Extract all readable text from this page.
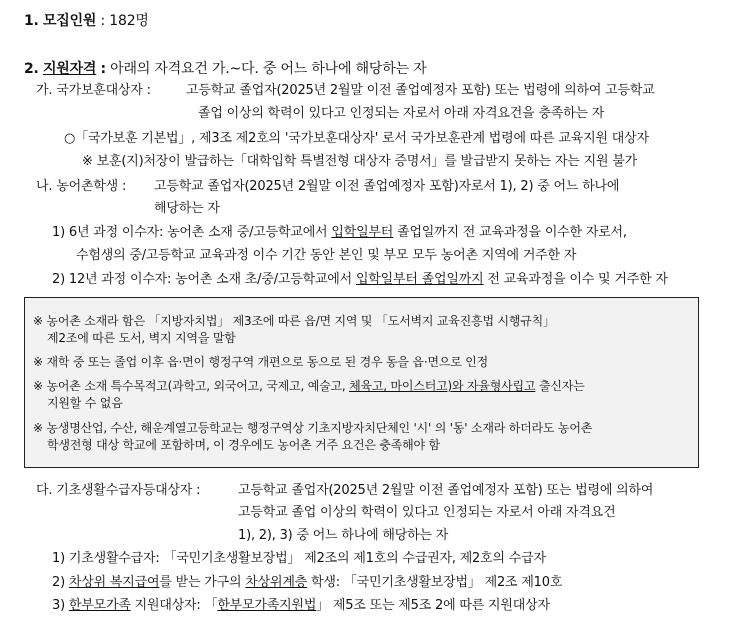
1. 모집인원 : 182명
2. 지원자격 : 아래의 자격요건 가.~다. 중 어느 하나에 해당하는 자
가. 국가보훈대상자 :	고등학교 졸업자(2025년 2월말 이전 졸업예정자 포함) 또는 법령에 의하여 고등학교
졸업 이상의 학력이 있다고 인정되는 자로서 아래 자격요건을 충족하는 자
○「국가보훈 기본법」, 제3조 제2호의 '국가보훈대상자' 로서 국가보훈관계 법령에 따른 교육지원 대상자
※ 보훈(지)처장이 발급하는「대학입학 특별전형 대상자 증명서」를 발급받지 못하는 자는 지원 불가
나. 농어촌학생 : 고등학교 졸업자(2025년 2월말 이전 졸업예정자 포함)자로서 1), 2) 중 어느 하나에
해당하는 자
1) 6년 과정 이수자: 농어촌 소재 중/고등학교에서 입학일부터 졸업일까지 전 교육과정을 이수한 자로서,
수험생의 중/고등학교 교육과정 이수 기간 동안 본인 및 부모 모두 농어촌 지역에 거주한 자
2) 12년 과정 이수자: 농어촌 소재 초/중/고등학교에서 입학일부터 졸업일까지 전 교육과정을 이수 및 거주한 자
※ 농어촌 소재라 함은 「지방자치법」 제3조에 따른 읍/면 지역 및 「도서벽지 교육진흥법 시행규칙」
제2조에 따른 도서, 벽지 지역을 말함
※ 재학 중 또는 졸업 이후 읍·면이 행정구역 개편으로 동으로 된 경우 동을 읍·면으로 인정
※ 농어촌 소재 특수목적고(과학고, 외국어고, 국제고, 예술고, 체육고, 마이스터고)와 자율형사립고 출신자는
지원할 수 없음
※ 농생명산업, 수산, 해운계열고등학교는 행정구역상 기초지방자치단체인 '시' 의 '동' 소재라 하더라도 농어촌
학생전형 대상 학교에 포함하며, 이 경우에도 농어촌 거주 요건은 충족해야 함
다. 기초생활수급자등대상자 :	고등학교 졸업자(2025년 2월말 이전 졸업예정자 포함) 또는 법령에 의하여
고등학교 졸업 이상의 학력이 있다고 인정되는 자로서 아래 자격요건
1), 2), 3) 중 어느 하나에 해당하는 자
1) 기초생활수급자: 「국민기초생활보장법」 제2조의 제1호의 수급권자, 제2호의 수급자
2) 차상위 복지급여를 받는 가구의 차상위계층 학생: 「국민기초생활보장법」 제2조 제10호
3) 한부모가족 지원대상자: 「한부모가족지원법」 제5조 또는 제5조 2에 따른 지원대상자
